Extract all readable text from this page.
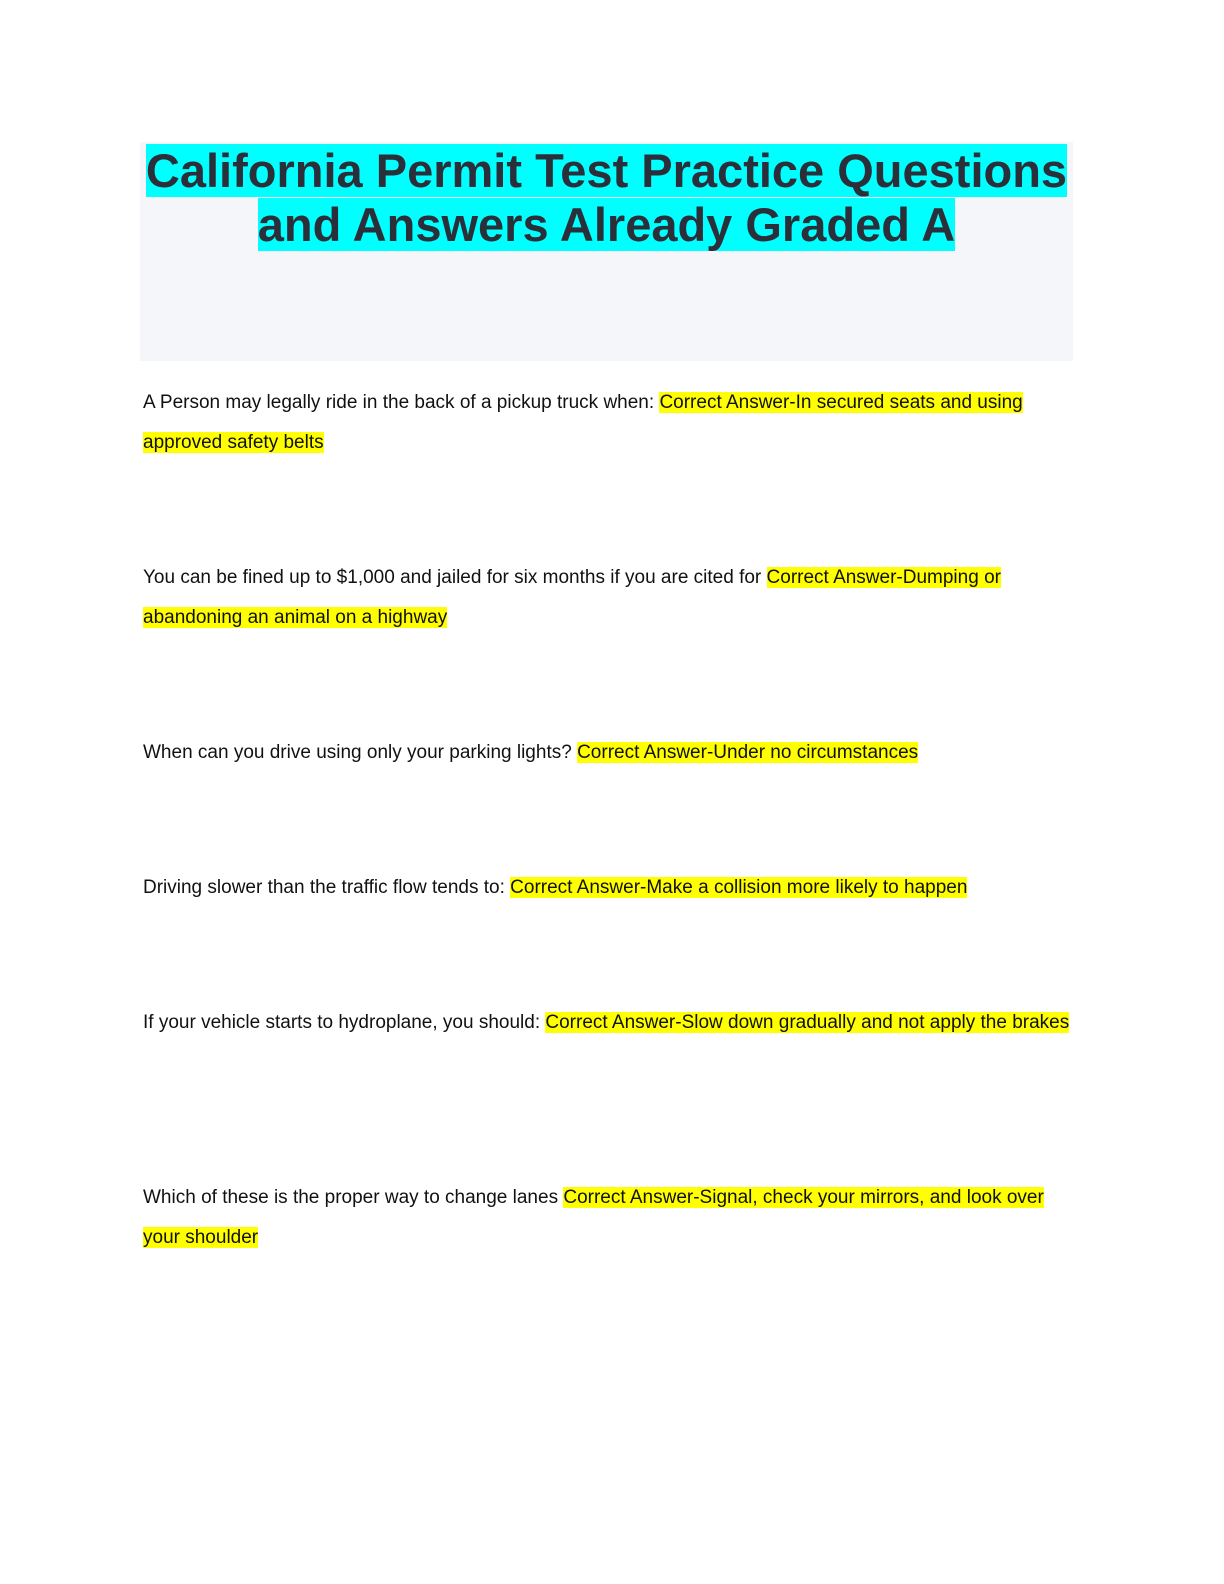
California Permit Test Practice Questions and Answers Already Graded A

A Person may legally ride in the back of a pickup truck when: Correct Answer-In secured seats and using approved safety belts

You can be fined up to $1,000 and jailed for six months if you are cited for Correct Answer-Dumping or abandoning an animal on a highway

When can you drive using only your parking lights? Correct Answer-Under no circumstances

Driving slower than the traffic flow tends to: Correct Answer-Make a collision more likely to happen

If your vehicle starts to hydroplane, you should: Correct Answer-Slow down gradually and not apply the brakes

Which of these is the proper way to change lanes Correct Answer-Signal, check your mirrors, and look over your shoulder
